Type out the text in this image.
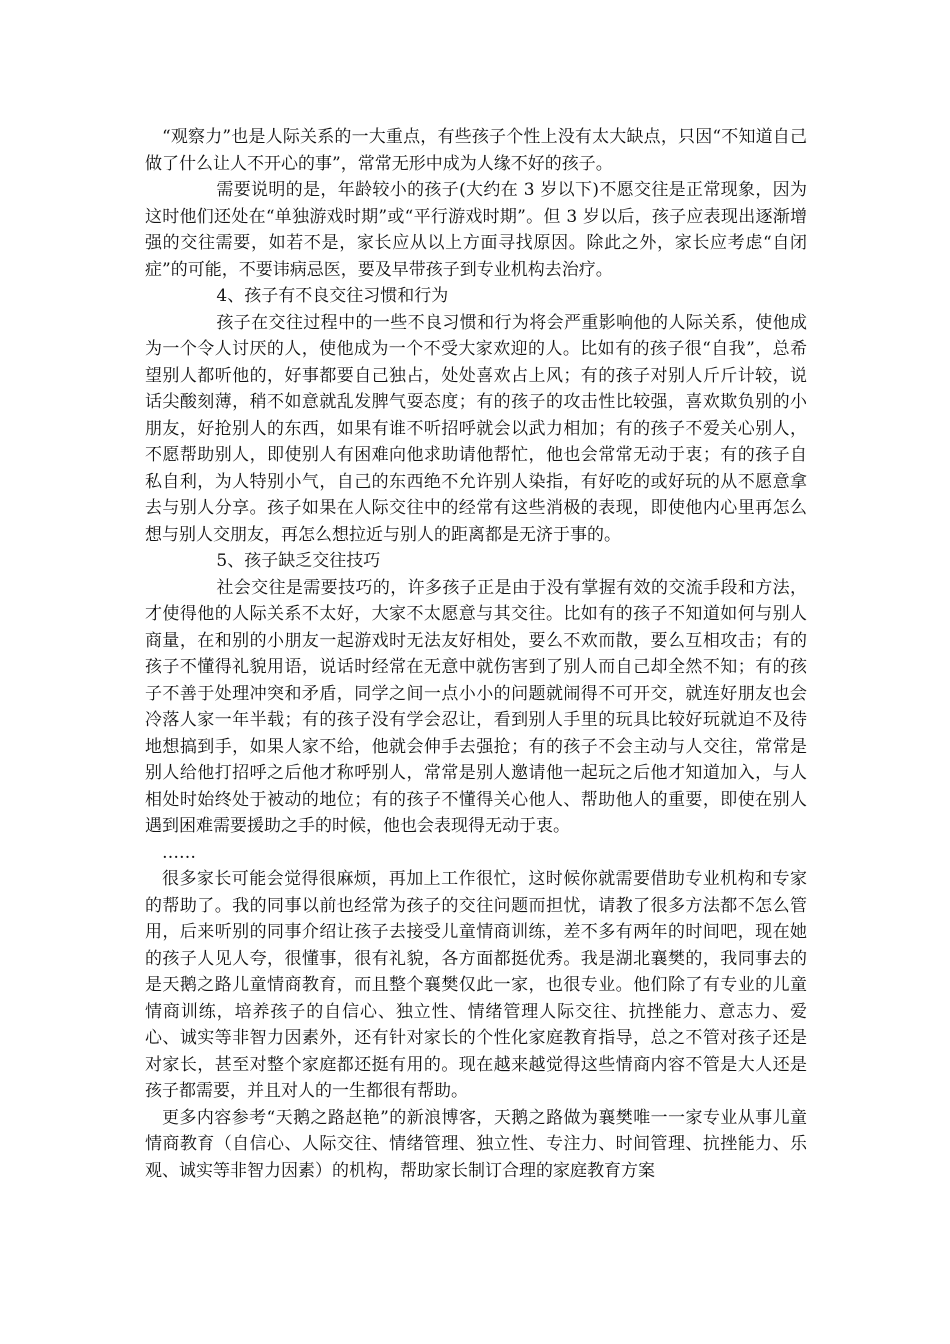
“观察力”也是人际关系的一大重点，有些孩子个性上没有太大缺点，只因“不知道自己做了什么让人不开心的事”，常常无形中成为人缘不好的孩子。

需要说明的是，年龄较小的孩子(大约在 3 岁以下)不愿交往是正常现象，因为这时他们还处在“单独游戏时期”或“平行游戏时期”。但 3 岁以后，孩子应表现出逐渐增强的交往需要，如若不是，家长应从以上方面寻找原因。除此之外，家长应考虑“自闭症”的可能，不要讳病忌医，要及早带孩子到专业机构去治疗。

4、孩子有不良交往习惯和行为

孩子在交往过程中的一些不良习惯和行为将会严重影响他的人际关系，使他成为一个令人讨厌的人，使他成为一个不受大家欢迎的人。比如有的孩子很“自我”，总希望别人都听他的，好事都要自己独占，处处喜欢占上风；有的孩子对别人斤斤计较，说话尖酸刻薄，稍不如意就乱发脾气耍态度；有的孩子的攻击性比较强，喜欢欺负别的小朋友，好抢别人的东西，如果有谁不听招呼就会以武力相加；有的孩子不爱关心别人，不愿帮助别人，即使别人有困难向他求助请他帮忙，他也会常常无动于衷；有的孩子自私自利，为人特别小气，自己的东西绝不允许别人染指，有好吃的或好玩的从不愿意拿去与别人分享。孩子如果在人际交往中的经常有这些消极的表现，即使他内心里再怎么想与别人交朋友，再怎么想拉近与别人的距离都是无济于事的。

5、孩子缺乏交往技巧

社会交往是需要技巧的，许多孩子正是由于没有掌握有效的交流手段和方法，才使得他的人际关系不太好，大家不太愿意与其交往。比如有的孩子不知道如何与别人商量，在和别的小朋友一起游戏时无法友好相处，要么不欢而散，要么互相攻击；有的孩子不懂得礼貌用语，说话时经常在无意中就伤害到了别人而自己却全然不知；有的孩子不善于处理冲突和矛盾，同学之间一点小小的问题就闹得不可开交，就连好朋友也会冷落人家一年半载；有的孩子没有学会忍让，看到别人手里的玩具比较好玩就迫不及待地想搞到手，如果人家不给，他就会伸手去强抢；有的孩子不会主动与人交往，常常是别人给他打招呼之后他才称呼别人，常常是别人邀请他一起玩之后他才知道加入，与人相处时始终处于被动的地位；有的孩子不懂得关心他人、帮助他人的重要，即使在别人遇到困难需要援助之手的时候，他也会表现得无动于衷。

……

很多家长可能会觉得很麻烦，再加上工作很忙，这时候你就需要借助专业机构和专家的帮助了。我的同事以前也经常为孩子的交往问题而担忧，请教了很多方法都不怎么管用，后来听别的同事介绍让孩子去接受儿童情商训练，差不多有两年的时间吧，现在她的孩子人见人夸，很懂事，很有礼貌，各方面都挺优秀。我是湖北襄樊的，我同事去的是天鹅之路儿童情商教育，而且整个襄樊仅此一家，也很专业。他们除了有专业的儿童情商训练，培养孩子的自信心、独立性、情绪管理人际交往、抗挫能力、意志力、爱心、诚实等非智力因素外，还有针对家长的个性化家庭教育指导，总之不管对孩子还是对家长，甚至对整个家庭都还挺有用的。现在越来越觉得这些情商内容不管是大人还是孩子都需要，并且对人的一生都很有帮助。

更多内容参考“天鹅之路赵艳”的新浪博客，天鹅之路做为襄樊唯一一家专业从事儿童情商教育（自信心、人际交往、情绪管理、独立性、专注力、时间管理、抗挫能力、乐观、诚实等非智力因素）的机构，帮助家长制订合理的家庭教育方案
